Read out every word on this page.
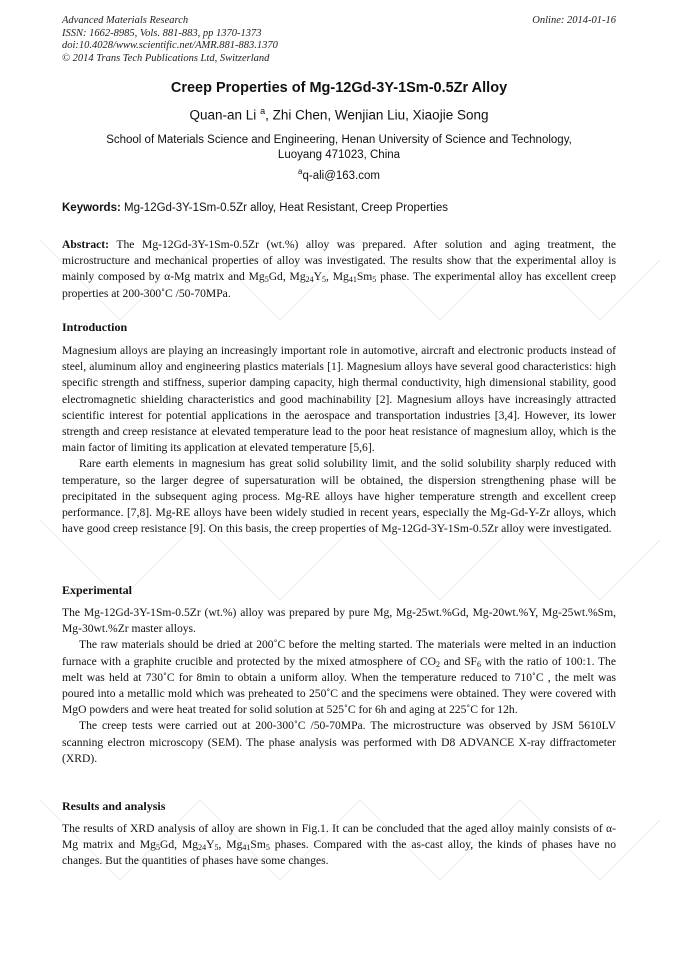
Advanced Materials Research
ISSN: 1662-8985, Vols. 881-883, pp 1370-1373
doi:10.4028/www.scientific.net/AMR.881-883.1370
© 2014 Trans Tech Publications Ltd, Switzerland
Online: 2014-01-16
Creep Properties of Mg-12Gd-3Y-1Sm-0.5Zr Alloy
Quan-an Li $^a$, Zhi Chen, Wenjian Liu, Xiaojie Song
School of Materials Science and Engineering, Henan University of Science and Technology,
Luoyang 471023, China
$^a$q-ali@163.com
Keywords: Mg-12Gd-3Y-1Sm-0.5Zr alloy, Heat Resistant, Creep Properties

Abstract: The Mg-12Gd-3Y-1Sm-0.5Zr (wt.%) alloy was prepared. After solution and aging treatment, the microstructure and mechanical properties of alloy was investigated. The results show that the experimental alloy is mainly composed by α-Mg matrix and $Mg_5Gd$, $Mg_{24}Y_5$, $Mg_{41}Sm_5$ phase. The experimental alloy has excellent creep properties at 200-300˚C /50-70MPa.

Introduction

Magnesium alloys are playing an increasingly important role in automotive, aircraft and electronic products instead of steel, aluminum alloy and engineering plastics materials [1]. Magnesium alloys have several good characteristics: high specific strength and stiffness, superior damping capacity, high thermal conductivity, high dimensional stability, good electromagnetic shielding characteristics and good machinability [2]. Magnesium alloys have increasingly attracted scientific interest for potential applications in the aerospace and transportation industries [3,4]. However, its lower strength and creep resistance at elevated temperature lead to the poor heat resistance of magnesium alloy, which is the main factor of limiting its application at elevated temperature [5,6].

Rare earth elements in magnesium has great solid solubility limit, and the solid solubility sharply reduced with temperature, so the larger degree of supersaturation will be obtained, the dispersion strengthening phase will be precipitated in the subsequent aging process. Mg-RE alloys have higher temperature strength and excellent creep performance. [7,8]. Mg-RE alloys have been widely studied in recent years, especially the Mg-Gd-Y-Zr alloys, which have good creep resistance [9]. On this basis, the creep properties of Mg-12Gd-3Y-1Sm-0.5Zr alloy were investigated.

Experimental

The Mg-12Gd-3Y-1Sm-0.5Zr (wt.%) alloy was prepared by pure Mg, Mg-25wt.%Gd, Mg-20wt.%Y, Mg-25wt.%Sm, Mg-30wt.%Zr master alloys.

The raw materials should be dried at 200˚C before the melting started. The materials were melted in an induction furnace with a graphite crucible and protected by the mixed atmosphere of $CO_2$ and $SF_6$ with the ratio of 100:1. The melt was held at 730˚C for 8min to obtain a uniform alloy. When the temperature reduced to 710˚C , the melt was poured into a metallic mold which was preheated to 250˚C and the specimens were obtained. They were covered with MgO powders and were heat treated for solid solution at 525˚C for 6h and aging at 225˚C for 12h.

The creep tests were carried out at 200-300˚C /50-70MPa. The microstructure was observed by JSM 5610LV scanning electron microscopy (SEM). The phase analysis was performed with D8 ADVANCE X-ray diffractometer (XRD).

Results and analysis

The results of XRD analysis of alloy are shown in Fig.1. It can be concluded that the aged alloy mainly consists of α-Mg matrix and $Mg_5Gd$, $Mg_{24}Y_5$, $Mg_{41}Sm_5$ phases. Compared with the as-cast alloy, the kinds of phases have no changes. But the quantities of phases have some changes.
